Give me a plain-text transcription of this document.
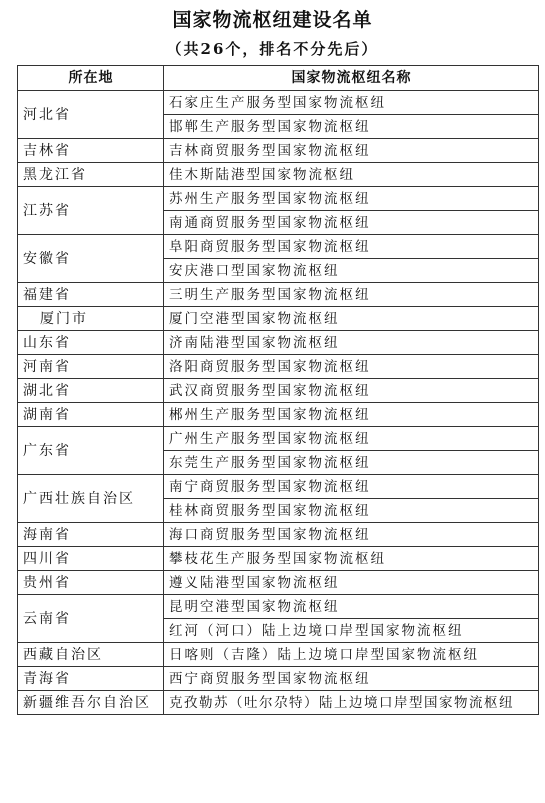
国家物流枢纽建设名单
（共26个，排名不分先后）
所在地	国家物流枢纽名称
河北省	石家庄生产服务型国家物流枢纽
	邯郸生产服务型国家物流枢纽
吉林省	吉林商贸服务型国家物流枢纽
黑龙江省	佳木斯陆港型国家物流枢纽
江苏省	苏州生产服务型国家物流枢纽
	南通商贸服务型国家物流枢纽
安徽省	阜阳商贸服务型国家物流枢纽
	安庆港口型国家物流枢纽
福建省	三明生产服务型国家物流枢纽
厦门市	厦门空港型国家物流枢纽
山东省	济南陆港型国家物流枢纽
河南省	洛阳商贸服务型国家物流枢纽
湖北省	武汉商贸服务型国家物流枢纽
湖南省	郴州生产服务型国家物流枢纽
广东省	广州生产服务型国家物流枢纽
	东莞生产服务型国家物流枢纽
广西壮族自治区	南宁商贸服务型国家物流枢纽
	桂林商贸服务型国家物流枢纽
海南省	海口商贸服务型国家物流枢纽
四川省	攀枝花生产服务型国家物流枢纽
贵州省	遵义陆港型国家物流枢纽
云南省	昆明空港型国家物流枢纽
	红河（河口）陆上边境口岸型国家物流枢纽
西藏自治区	日喀则（吉隆）陆上边境口岸型国家物流枢纽
青海省	西宁商贸服务型国家物流枢纽
新疆维吾尔自治区	克孜勒苏（吐尔尕特）陆上边境口岸型国家物流枢纽
